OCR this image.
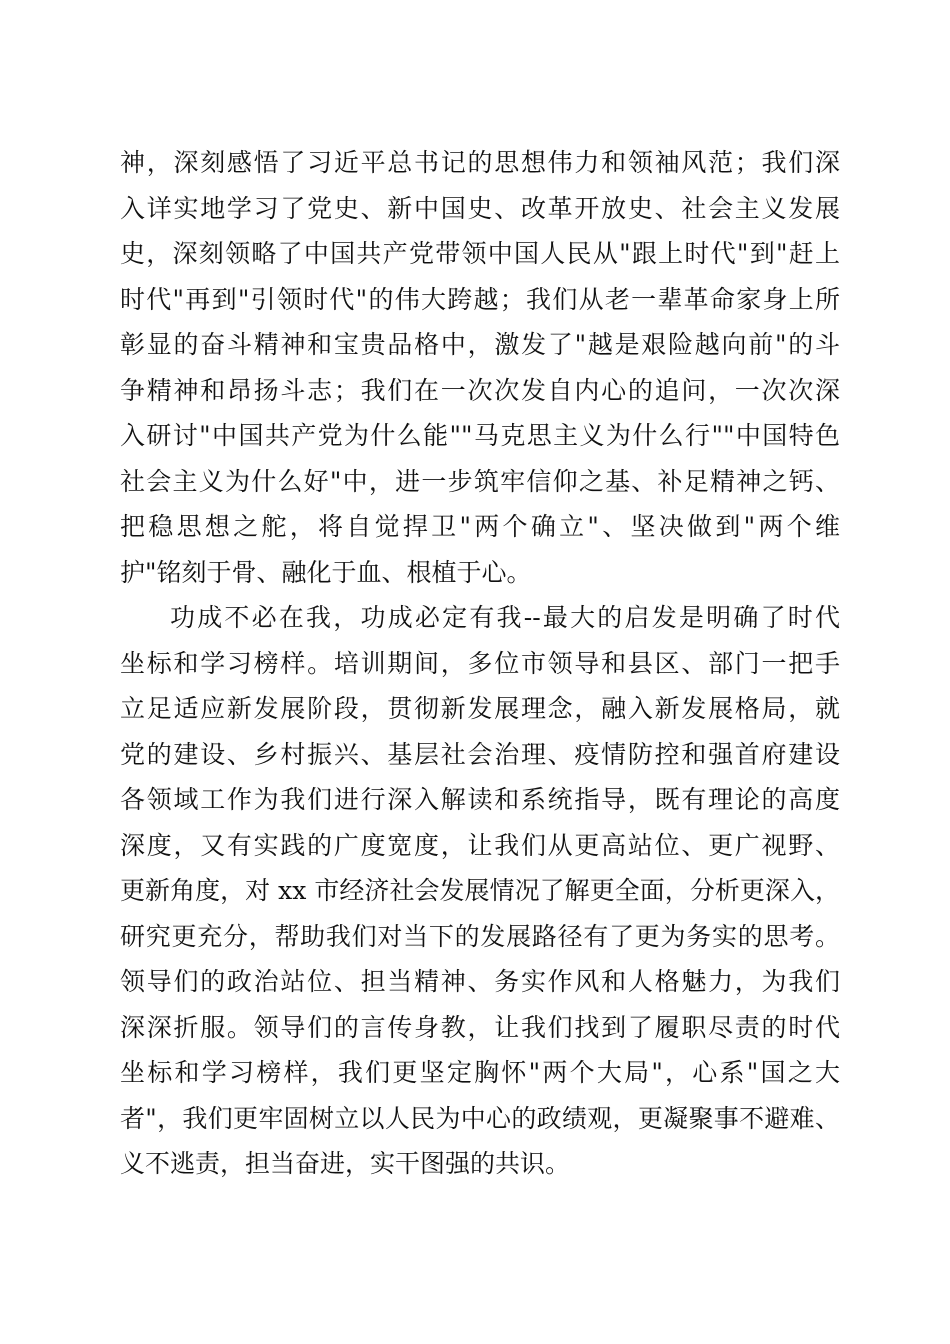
神，深刻感悟了习近平总书记的思想伟力和领袖风范；我们深
入详实地学习了党史、新中国史、改革开放史、社会主义发展
史，深刻领略了中国共产党带领中国人民从"跟上时代"到"赶上
时代"再到"引领时代"的伟大跨越；我们从老一辈革命家身上所
彰显的奋斗精神和宝贵品格中，激发了"越是艰险越向前"的斗
争精神和昂扬斗志；我们在一次次发自内心的追问，一次次深
入研讨"中国共产党为什么能""马克思主义为什么行""中国特色
社会主义为什么好"中，进一步筑牢信仰之基、补足精神之钙、
把稳思想之舵，将自觉捍卫"两个确立"、坚决做到"两个维
护"铭刻于骨、融化于血、根植于心。
功成不必在我，功成必定有我--最大的启发是明确了时代
坐标和学习榜样。培训期间，多位市领导和县区、部门一把手
立足适应新发展阶段，贯彻新发展理念，融入新发展格局，就
党的建设、乡村振兴、基层社会治理、疫情防控和强首府建设
各领域工作为我们进行深入解读和系统指导，既有理论的高度
深度，又有实践的广度宽度，让我们从更高站位、更广视野、
更新角度，对 xx 市经济社会发展情况了解更全面，分析更深入，
研究更充分，帮助我们对当下的发展路径有了更为务实的思考。
领导们的政治站位、担当精神、务实作风和人格魅力，为我们
深深折服。领导们的言传身教，让我们找到了履职尽责的时代
坐标和学习榜样，我们更坚定胸怀"两个大局"，心系"国之大
者"，我们更牢固树立以人民为中心的政绩观，更凝聚事不避难、
义不逃责，担当奋进，实干图强的共识。
